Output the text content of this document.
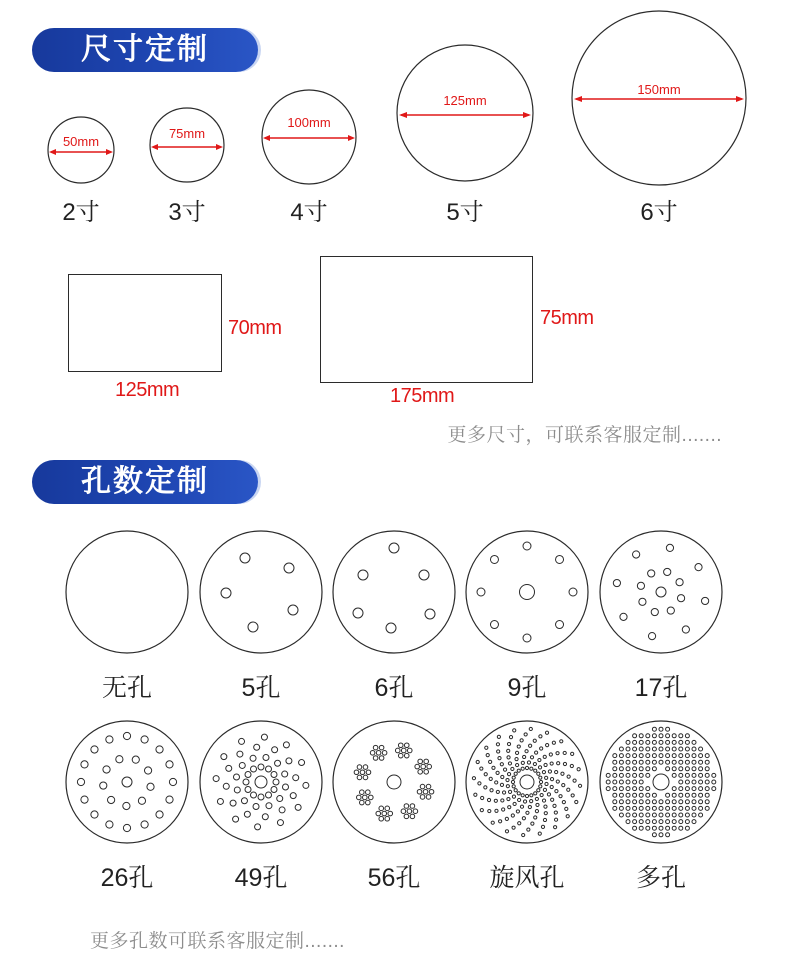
尺寸定制
50mm
2寸
75mm
3寸
100mm
4寸
125mm
5寸
150mm
6寸
70mm
125mm
75mm
175mm
更多尺寸，可联系客服定制.......
孔数定制
无孔	5孔	6孔	9孔	17孔
26孔	49孔	56孔	旋风孔	多孔
更多孔数可联系客服定制.......
